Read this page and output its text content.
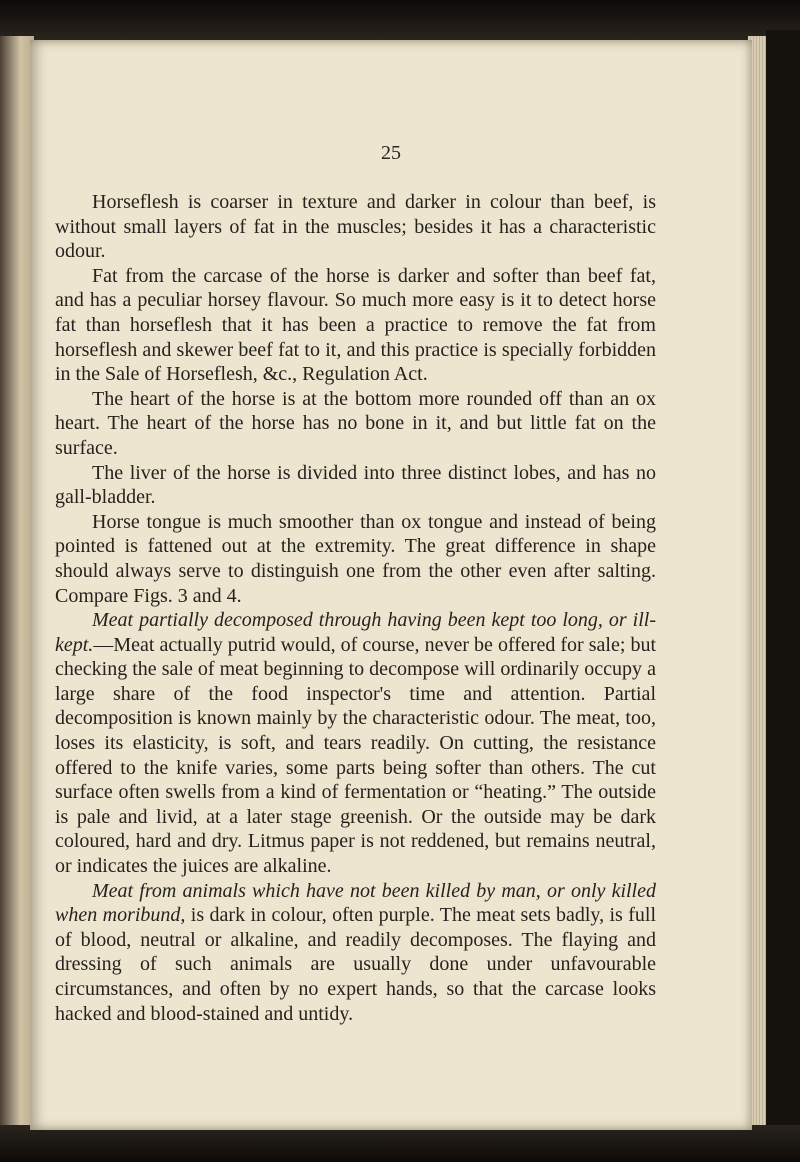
25

Horseflesh is coarser in texture and darker in colour than beef, is without small layers of fat in the muscles; besides it has a characteristic odour.

Fat from the carcase of the horse is darker and softer than beef fat, and has a peculiar horsey flavour. So much more easy is it to detect horse fat than horseflesh that it has been a practice to remove the fat from horseflesh and skewer beef fat to it, and this practice is specially forbidden in the Sale of Horseflesh, &c., Regulation Act.

The heart of the horse is at the bottom more rounded off than an ox heart. The heart of the horse has no bone in it, and but little fat on the surface.

The liver of the horse is divided into three distinct lobes, and has no gall-bladder.

Horse tongue is much smoother than ox tongue and instead of being pointed is fattened out at the extremity. The great difference in shape should always serve to distinguish one from the other even after salting. Compare Figs. 3 and 4.

Meat partially decomposed through having been kept too long, or ill-kept.—Meat actually putrid would, of course, never be offered for sale; but checking the sale of meat beginning to decompose will ordinarily occupy a large share of the food inspector's time and attention. Partial decomposition is known mainly by the characteristic odour. The meat, too, loses its elasticity, is soft, and tears readily. On cutting, the resistance offered to the knife varies, some parts being softer than others. The cut surface often swells from a kind of fermentation or “heating.” The outside is pale and livid, at a later stage greenish. Or the outside may be dark coloured, hard and dry. Litmus paper is not reddened, but remains neutral, or indicates the juices are alkaline.

Meat from animals which have not been killed by man, or only killed when moribund, is dark in colour, often purple. The meat sets badly, is full of blood, neutral or alkaline, and readily decomposes. The flaying and dressing of such animals are usually done under unfavourable circumstances, and often by no expert hands, so that the carcase looks hacked and blood-stained and untidy.
